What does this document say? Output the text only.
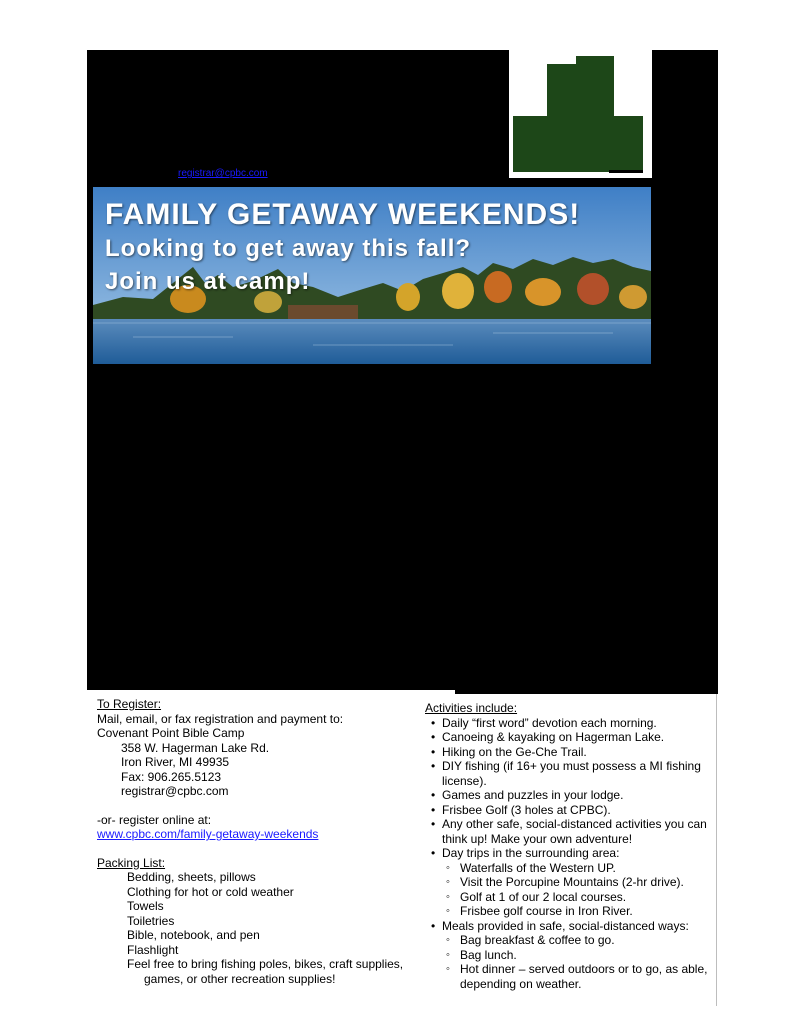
registrar@cpbc.com
FAMILY GETAWAY WEEKENDS!
Looking to get away this fall?
Join us at camp!
To Register:
Mail, email, or fax registration and payment to:
Covenant Point Bible Camp
358 W. Hagerman Lake Rd.
Iron River, MI 49935
Fax: 906.265.5123
registrar@cpbc.com
-or- register online at:
www.cpbc.com/family-getaway-weekends
Packing List:
Bedding, sheets, pillows
Clothing for hot or cold weather
Towels
Toiletries
Bible, notebook, and pen
Flashlight
Feel free to bring fishing poles, bikes, craft supplies, games, or other recreation supplies!
Activities include:
• Daily “first word” devotion each morning.
• Canoeing & kayaking on Hagerman Lake.
• Hiking on the Ge-Che Trail.
• DIY fishing (if 16+ you must possess a MI fishing license).
• Games and puzzles in your lodge.
• Frisbee Golf (3 holes at CPBC).
• Any other safe, social-distanced activities you can think up! Make your own adventure!
• Day trips in the surrounding area:
◦ Waterfalls of the Western UP.
◦ Visit the Porcupine Mountains (2-hr drive).
◦ Golf at 1 of our 2 local courses.
◦ Frisbee golf course in Iron River.
• Meals provided in safe, social-distanced ways:
◦ Bag breakfast & coffee to go.
◦ Bag lunch.
◦ Hot dinner – served outdoors or to go, as able, depending on weather.
